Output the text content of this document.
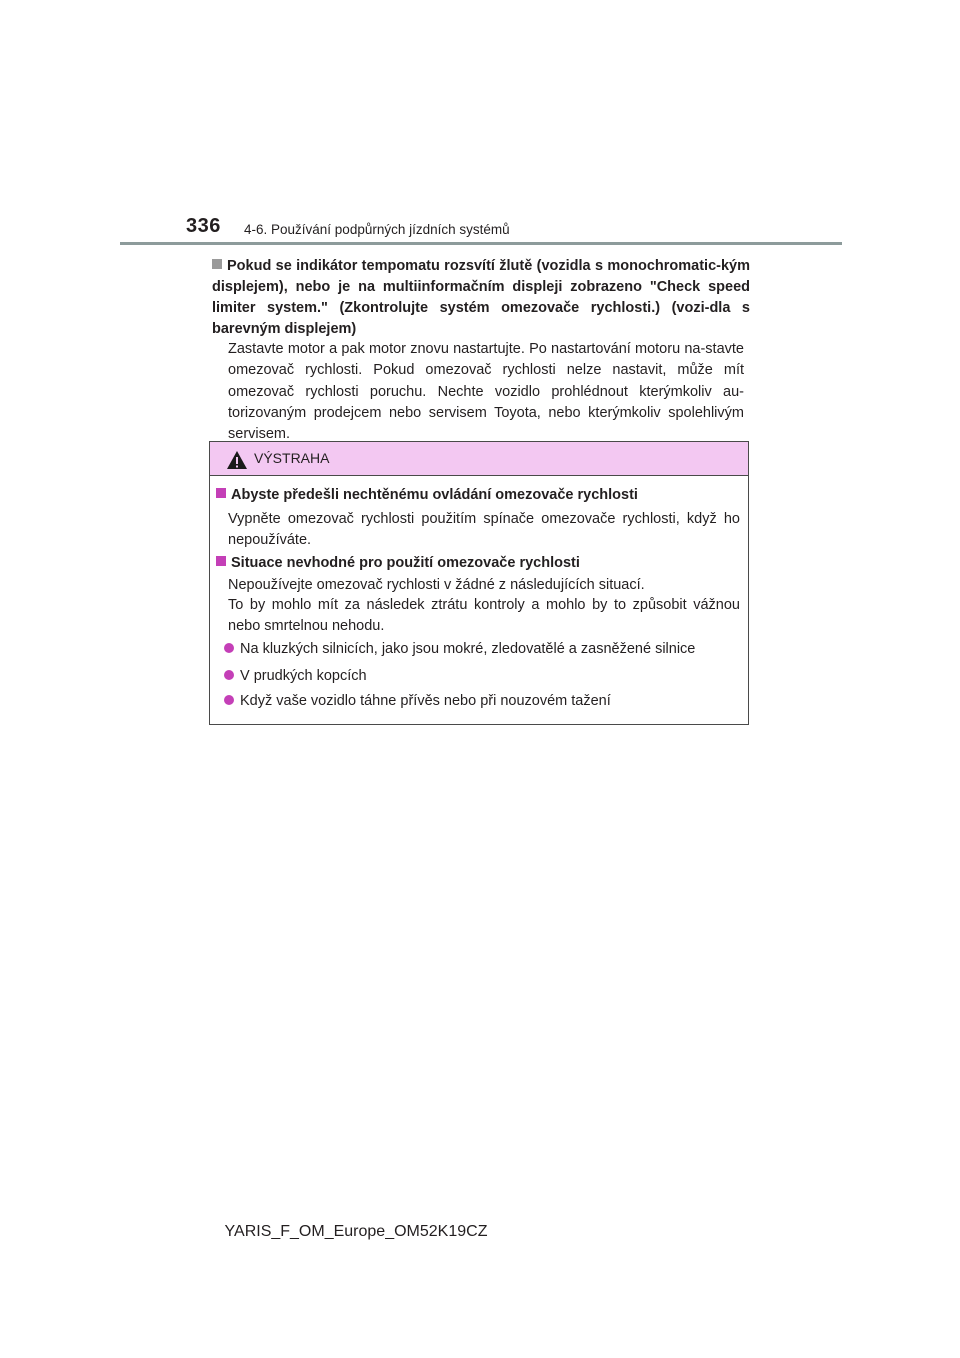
336 4-6. Používání podpůrných jízdních systémů
Pokud se indikátor tempomatu rozsvítí žlutě (vozidla s monochromatic-kým displejem), nebo je na multiinformačním displeji zobrazeno "Check speed limiter system." (Zkontrolujte systém omezovače rychlosti.) (vozi-dla s barevným displejem)
Zastavte motor a pak motor znovu nastartujte. Po nastartování motoru na-stavte omezovač rychlosti. Pokud omezovač rychlosti nelze nastavit, může mít omezovač rychlosti poruchu. Nechte vozidlo prohlédnout kterýmkoliv au-torizovaným prodejcem nebo servisem Toyota, nebo kterýmkoliv spolehlivým servisem.
VÝSTRAHA
Abyste předešli nechtěnému ovládání omezovače rychlosti
Vypněte omezovač rychlosti použitím spínače omezovače rychlosti, když ho nepoužíváte.
Situace nevhodné pro použití omezovače rychlosti
Nepoužívejte omezovač rychlosti v žádné z následujících situací.
To by mohlo mít za následek ztrátu kontroly a mohlo by to způsobit vážnou nebo smrtelnou nehodu.
Na kluzkých silnicích, jako jsou mokré, zledovatělé a zasněžené silnice
V prudkých kopcích
Když vaše vozidlo táhne přívěs nebo při nouzovém tažení
YARIS_F_OM_Europe_OM52K19CZ
